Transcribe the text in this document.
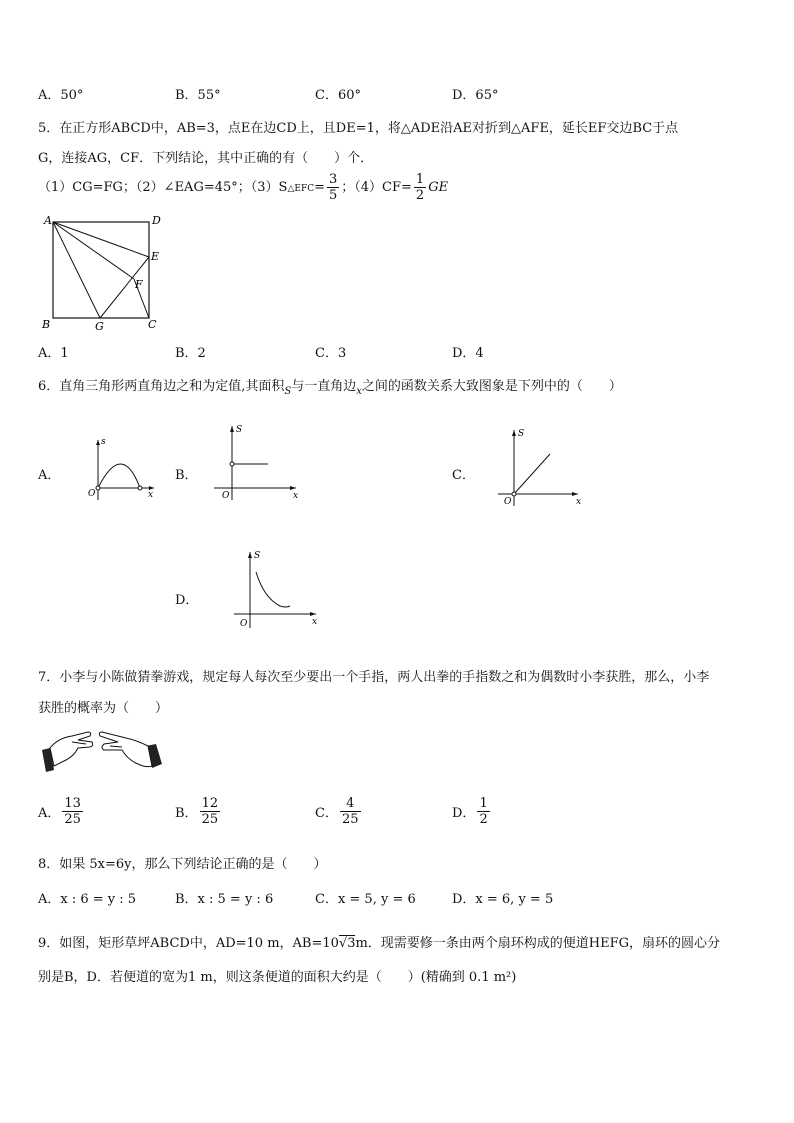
A．50°	B．55°	C．60°	D．65°
5．在正方形ABCD中，AB=3，点E在边CD上，且DE=1，将△ADE沿AE对折到△AFE，延长EF交边BC于点
G，连接AG，CF．下列结论，其中正确的有（　　）个．
（1）CG=FG；（2）∠EAG=45°；（3）S△EFC= $\frac{3}{5}$ ；$(4)CF= \frac{1}{2}$ GE
A	D
E
F
B	G	C
A．1	B．2	C．3	D．4
6．直角三角形两直角边之和为定值,其面积$_S$与一直角边$_x$之间的函数关系大致图象是下列中的（　　）
A．
s
x
O
B．
S
x
O
C．
S
x
O
D．
S
x
O
7．小李与小陈做猜拳游戏，规定每人每次至少要出一个手指，两人出拳的手指数之和为偶数时小李获胜，那么，小李
获胜的概率为（　　）
A． $\frac{13}{25}$	B． $\frac{12}{25}$	C． $\frac{4}{25}$	D． $\frac{1}{2}$
8．如果 5x=6y，那么下列结论正确的是（　　）
A．x : 6 = y : 5	B．x : 5 = y : 6	C．x = 5, y = 6	D．x = 6, y = 5
9．如图，矩形草坪ABCD中，AD=10 m，AB=10√3m．现需要修一条由两个扇环构成的便道HEFG，扇环的圆心分
别是B，D．若便道的宽为1 m，则这条便道的面积大约是（　　）(精确到 0.1 m²)
